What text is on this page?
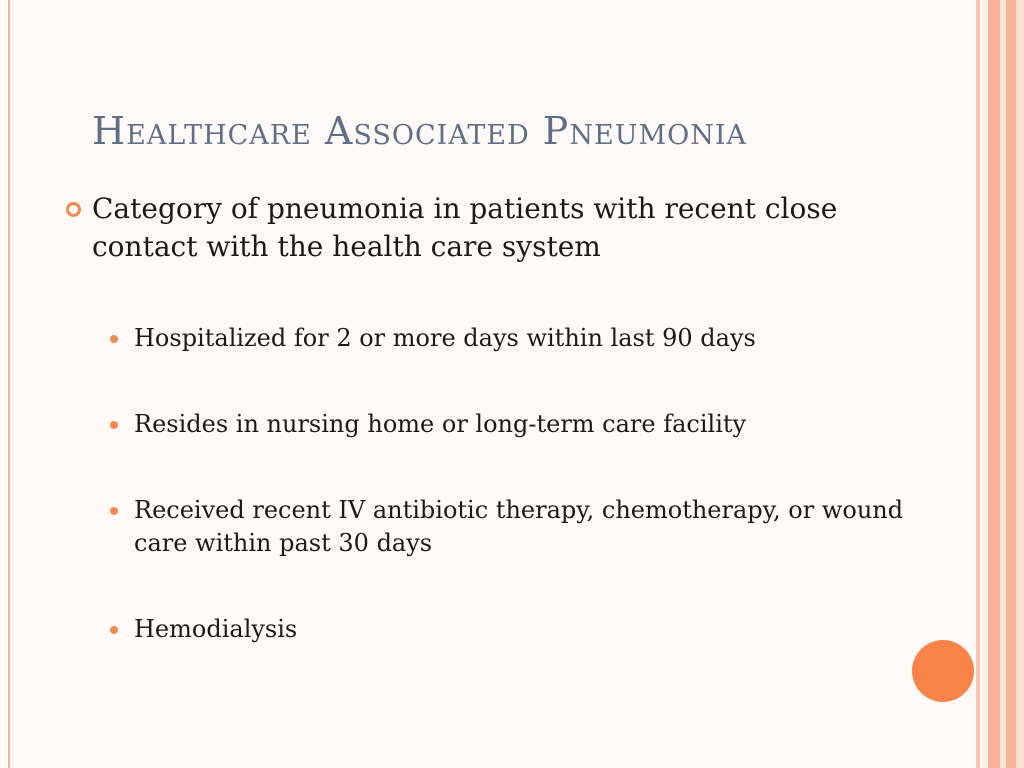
Healthcare Associated Pneumonia
Category of pneumonia in patients with recent close contact with the health care system
Hospitalized for 2 or more days within last 90 days
Resides in nursing home or long-term care facility
Received recent IV antibiotic therapy, chemotherapy, or wound care within past 30 days
Hemodialysis
